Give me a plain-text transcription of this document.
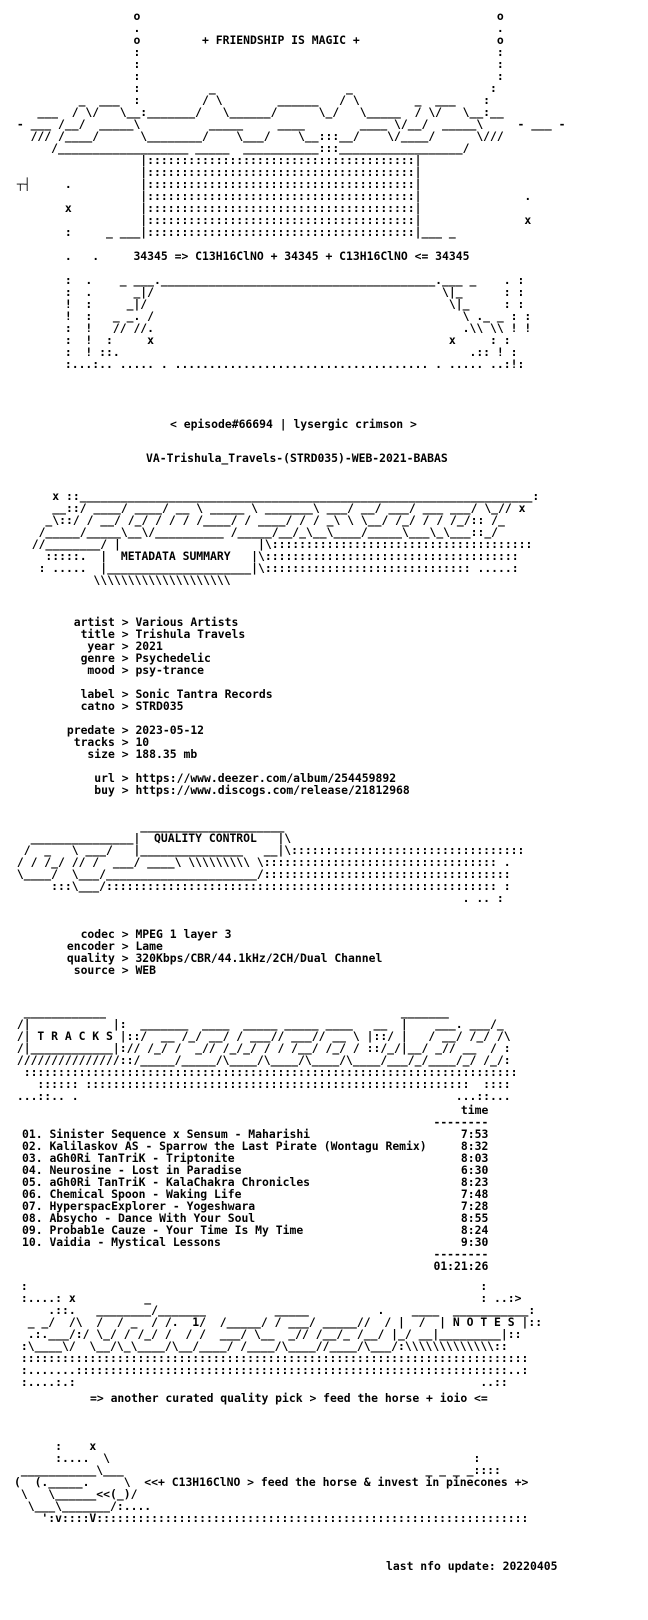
o                                                    o
.                                                    .
o         + FRIENDSHIP IS MAGIC +                    o
:                                                    :
:                                                    :
:                                                    :
:          _                   _                    :
_  ___  :         / \        ______   / \        _  ___    :
___  / \/   \__:_______/   \______/      \_/   \_____  / \/   \__:__
- ___ /__/  _____\          _____     ____        ____ \/__/  _____\     - ___ -
/// /____/      \________/    \___/    \__:::__/    \/____/      \///
/___________________ _____  ___________:::__________________/
|:::::::::::::::::::::::::::::::::::::::|
|:::::::::::::::::::::::::::::::::::::::|
┬┤     .          |:::::::::::::::::::::::::::::::::::::::|
|:::::::::::::::::::::::::::::::::::::::|               .
x          |:::::::::::::::::::::::::::::::::::::::|
|:::::::::::::::::::::::::::::::::::::::|               x
:     _ ___|:::::::::::::::::::::::::::::::::::::::|___ _

.   .     34345 => C13H16ClNO + 34345 + C13H16ClNO <= 34345

:  .    _ ___.________________________________________.___ _    . :
:  .      _|/                                          \|_      : :
!  :     _|/                                            \|_     : :
!  :   _ _. /                                             \ ._ _ : :
:  !   // //.                                             .\\ \\ ! !
:  !  :     x                                           x     : :
:  ! ::.                                                   .:: ! :
:...:.. ..... . ..................................... . ..... ..:!:
< episode#66694 | lysergic crimson >
VA-Trishula_Travels-(STRD035)-WEB-2021-BABAS
x ::__________________________________________________________________:
__::/ ____/ ____/ __ \ _____ \ _______\ ___/ __/ ___/ ___ ___/ \_// x
_\::/ / __/ /_/ / / / /____/ / ____/ / / _\ \ \__/ /_/ / / /_/:: /_
/_____/_____\__\/__________ /_____/__/_\__\____/_____\___\_\___::_/
//________/ |                    |\::::::::::::::::::::::::::::::::::::::
:::::.  |  METADATA SUMMARY   |\:::::::::::::::::::::::::::::::::::::
: .....  |_____________________|\:::::::::::::::::::::::::::::: .....:
\\\\\\\\\\\\\\\\\\\\
artist > Various Artists
title > Trishula Travels
year > 2021
genre > Psychedelic
mood > psy-trance

label > Sonic Tantra Records
catno > STRD035

predate > 2023-05-12
tracks > 10
size > 188.35 mb

url > https://www.deezer.com/album/254459892
buy > https://www.discogs.com/release/21812968
_____________________
_______________|  QUALITY CONTROL   |\
/  _   \ ___/   |_______________   __|\::::::::::::::::::::::::::::::::::
/ / /_/ // /  ___/ ____\ \\\\\\\\\ \:::::::::::::::::::::::::::::::::: .
\____/  \___/______________________/::::::::::::::::::::::::::::::::::::
:::\___/::::::::::::::::::::::::::::::::::::::::::::::::::::::::: :
. .. :
codec > MPEG 1 layer 3
encoder > Lame
quality > 320Kbps/CBR/44.1kHz/2CH/Dual Channel
source > WEB
____________                                           _______
/|            |:  _______  ____  _____ _____ ____   __  |    ___. ___/_
/| T R A C K S |::/  __ /_/ __/ / ___// ___// __ \ |::/ |   / __/ /_/ /\
/|____________|:// /_/ /  _// /_/_/ / / /__/ /_/ / ::/_/|__/ _// __  / :
///////////////::/_____/_____/\____/\____/\____/\____/___/_/____/_/ /_/:
::::::::::::::::::::::::::::::::::::::::::::::::::::::::::::::::::::::::
:::::: ::::::::::::::::::::::::::::::::::::::::::::::::::::::::  ::::
...::.. .                                                       ...::...
time
--------
01. Sinister Sequence x Sensum - Maharishi	7:53
02. Kalilaskov AS - Sparrow the Last Pirate (Wontagu Remix)	8:32
03. aGh0Ri TanTriK - Triptonite	8:03
04. Neurosine - Lost in Paradise	6:30
05. aGh0Ri TanTriK - KalaChakra Chronicles	8:23
06. Chemical Spoon - Waking Life	7:48
07. HyperspacExplorer - Yogeshwara	7:28
08. Absycho - Dance With Your Soul	8:55
09. Probab1e Cauze - Your Time Is My Time	8:24
10. Vaidia - Mystical Lessons	9:30
--------
01:21:26
:                                                                  :
:....: x          _                                                : ..:>
.::.   ________/_______          _____          .    ____  ___________:
_ _/  /\  /  / _  / /.  1/  /_____/ / ___/ _____//  / |  /  | N O T E S |::
.:.___/:/ \_/ / /_/ /  / /  ___/ \__  _// /__/_ /__/ |_/ __|_________|::
:\____\/  \__/\_\____/\__/____/ /____/\____//____/\___/:\\\\\\\\\\\\\::
::::::::::::::::::::::::::::::::::::::::::::::::::::::::::::::::::::::::::
:.......:::::::::::::::::::::::::::::::::::::::::::::::::::::::::::::::..:
:....:.:                                                           ..::
=> another curated quality pick > feed the horse + ioio <=
:    x
:....  \                                                     :
___________\___                                            _ _ _ _::::
(  (._____.     \  <<+ C13H16ClNO > feed the horse & invest in pinecones +>
\   \______<<(_)/
\___\_______/:....
':v::::V:::::::::::::::::::::::::::::::::::::::::::::::::::::::::::::::
last nfo update: 20220405
